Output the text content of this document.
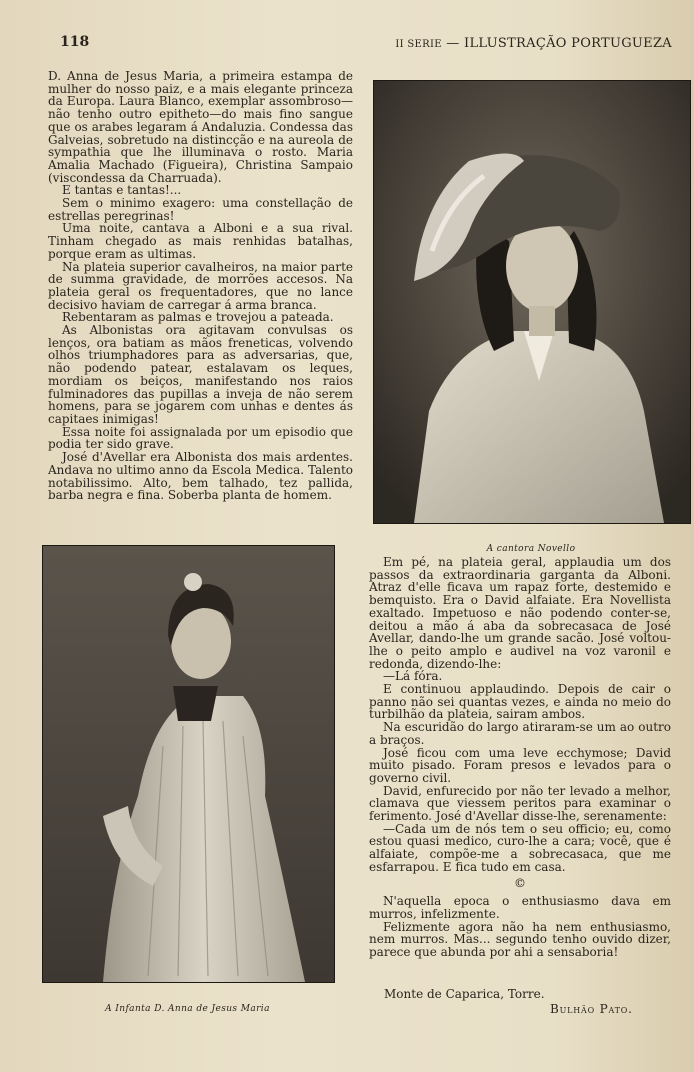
118	II SERIE — ILLUSTRAÇÃO PORTUGUEZA

D. Anna de Jesus Maria, a primeira estampa de mulher do nosso paiz, e a mais elegante princeza da Europa. Laura Blanco, exemplar assombroso—não tenho outro epitheto—do mais fino sangue que os arabes legaram á Andaluzia. Condessa das Galveias, sobretudo na distincção e na aureola de sympathia que lhe illuminava o rosto. Maria Amalia Machado (Figueira), Christina Sampaio (viscondessa da Charruada).

E tantas e tantas!...

Sem o minimo exagero: uma constellação de estrellas peregrinas!

Uma noite, cantava a Alboni e a sua rival. Tinham chegado as mais renhidas batalhas, porque eram as ultimas.

Na plateia superior cavalheiros, na maior parte de summa gravidade, de morrões accesos. Na plateia geral os frequentadores, que no lance decisivo haviam de carregar á arma branca.

Rebentaram as palmas e trovejou a pateada.

As Albonistas ora agitavam convulsas os lenços, ora batiam as mãos freneticas, volvendo olhos triumphadores para as adversarias, que, não podendo patear, estalavam os leques, mordiam os beiços, manifestando nos raios fulminadores das pupillas a inveja de não serem homens, para se jogarem com unhas e dentes ás capitaes inimigas!

Essa noite foi assignalada por um episodio que podia ter sido grave.

José d'Avellar era Albonista dos mais ardentes. Andava no ultimo anno da Escola Medica. Talento notabilissimo. Alto, bem talhado, tez pallida, barba negra e fina. Soberba planta de homem.

A cantora Novello
A Infanta D. Anna de Jesus Maria

Em pé, na plateia geral, applaudia um dos passos da extraordinaria garganta da Alboni. Atraz d'elle ficava um rapaz forte, destemido e bemquisto. Era o David alfaiate. Era Novellista exaltado. Impetuoso e não podendo conter-se, deitou a mão á aba da sobrecasaca de José Avellar, dando-lhe um grande sacão. José voltou-lhe o peito amplo e audivel na voz varonil e redonda, dizendo-lhe:

—Lá fóra.

E continuou applaudindo. Depois de cair o panno não sei quantas vezes, e ainda no meio do turbilhão da plateia, sairam ambos.

Na escuridão do largo atiraram-se um ao outro a braços.

José ficou com uma leve ecchymose; David muito pisado. Foram presos e levados para o governo civil.

David, enfurecido por não ter levado a melhor, clamava que viessem peritos para examinar o ferimento. José d'Avellar disse-lhe, serenamente:

—Cada um de nós tem o seu officio; eu, como estou quasi medico, curo-lhe a cara; você, que é alfaiate, compõe-me a sobrecasaca, que me esfarrapou. E fica tudo em casa.

©

N'aquella epoca o enthusiasmo dava em murros, infelizmente.

Felizmente agora não ha nem enthusiasmo, nem murros. Mas... segundo tenho ouvido dizer, parece que abunda por ahi a sensaboria!

Monte de Caparica, Torre.
Bulhão Pato.
